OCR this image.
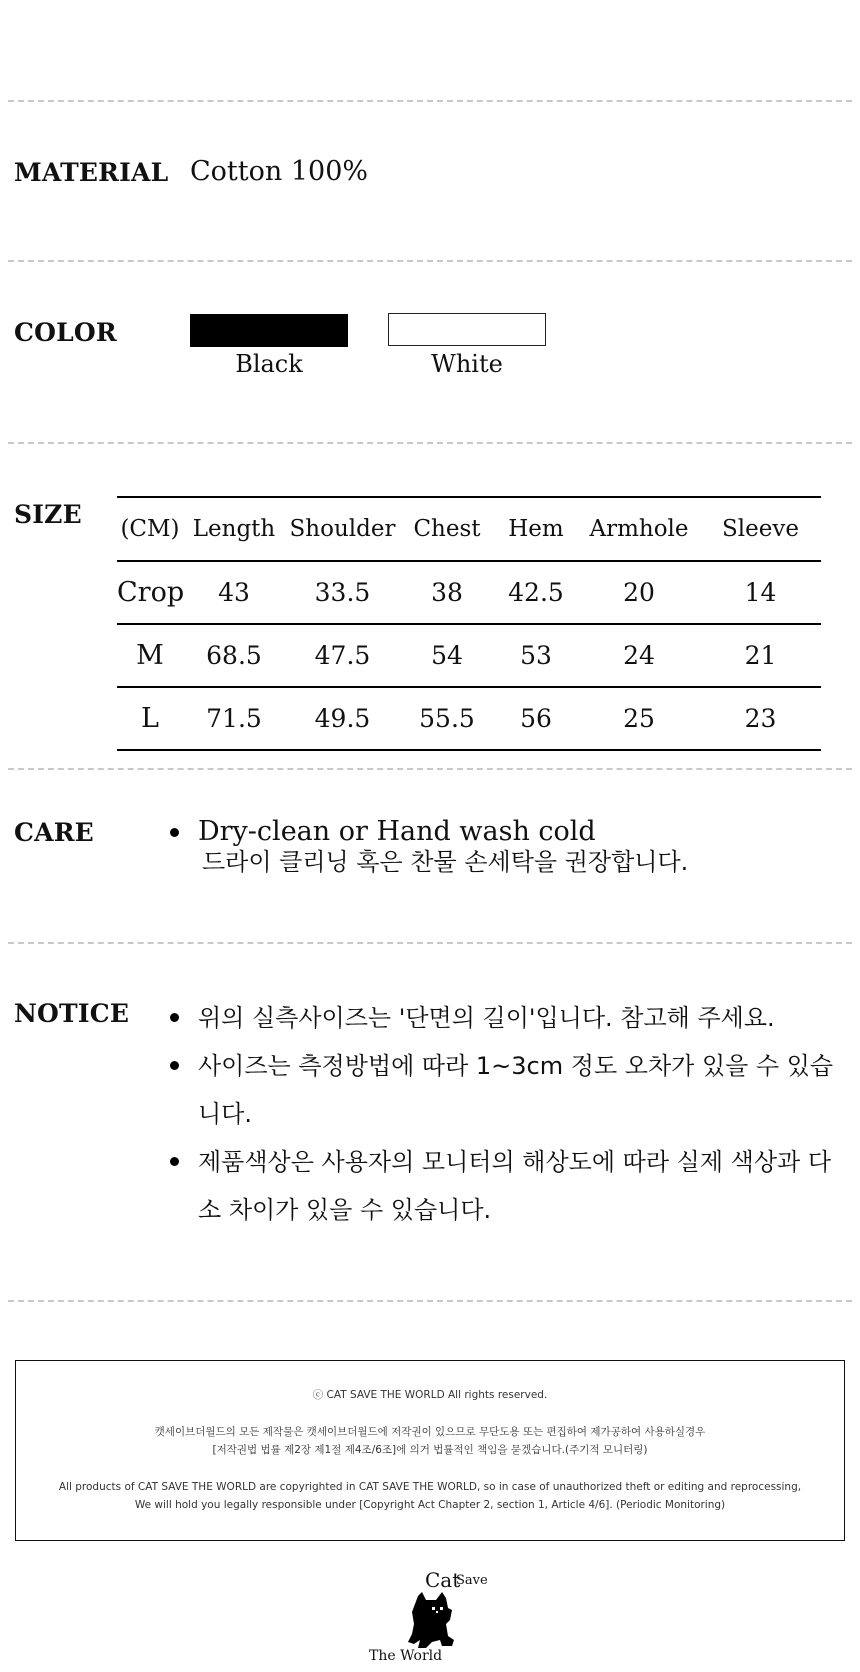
MATERIAL Cotton 100%
COLOR
Black	White
SIZE (CM)	Length	Shoulder	Chest	Hem	Armhole	Sleeve
Crop	43	33.5	38	42.5	20	14
M	68.5	47.5	54	53	24	21
L	71.5	49.5	55.5	56	25	23
CARE	Dry-clean or Hand wash cold
드라이 클리닝 혹은 찬물 손세탁을 권장합니다.
NOTICE	위의 실측사이즈는 '단면의 길이'입니다. 참고해 주세요.
사이즈는 측정방법에 따라 1~3cm 정도 오차가 있을 수 있습니다.
제품색상은 사용자의 모니터의 해상도에 따라 실제 색상과 다소 차이가 있을 수 있습니다.
ⓒ CAT SAVE THE WORLD All rights reserved.
캣세이브더월드의 모든 제작물은 캣세이브더월드에 저작권이 있으므로 무단도용 또는 편집하여 제가공하여 사용하실경우
[저작권법 법률 제2장 제1절 제4조/6조]에 의거 법률적인 책임을 묻겠습니다.(주기적 모니터링)
All products of CAT SAVE THE WORLD are copyrighted in CAT SAVE THE WORLD, so in case of unauthorized theft or editing and reprocessing,
We will hold you legally responsible under [Copyright Act Chapter 2, section 1, Article 4/6]. (Periodic Monitoring)
Cat
Save
The World
